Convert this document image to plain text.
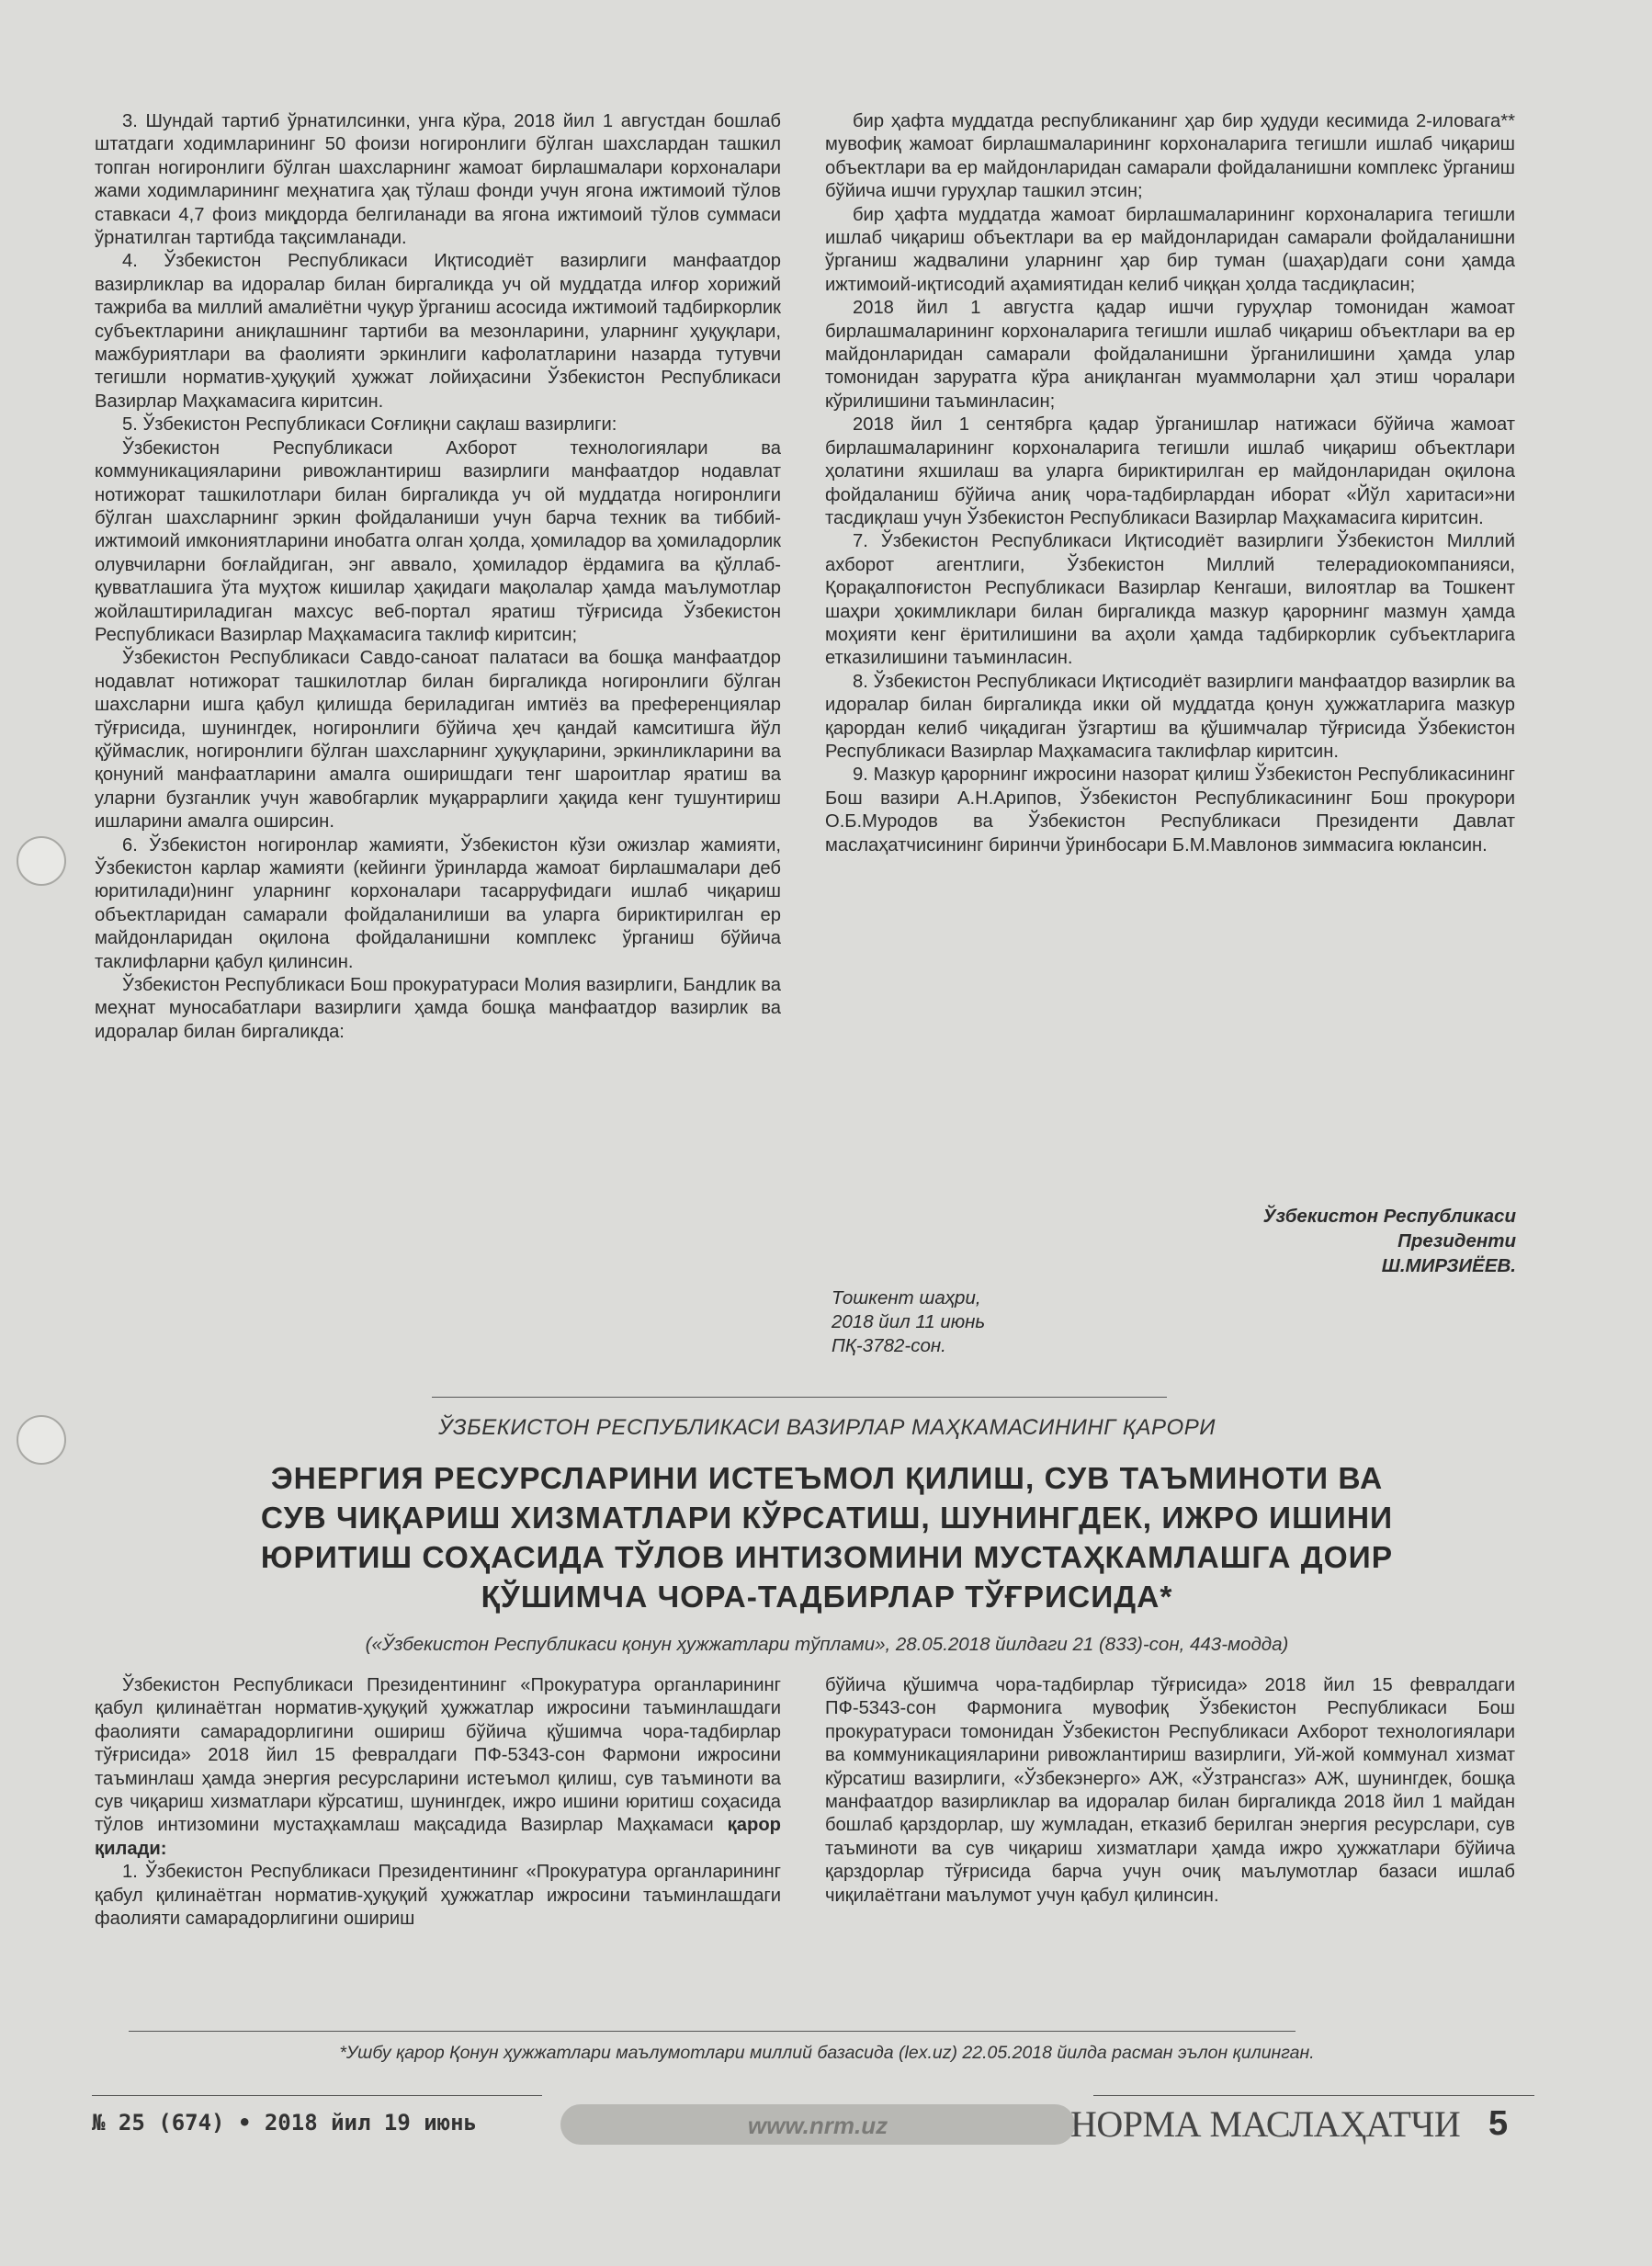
3. Шундай тартиб ўрнатилсинки, унга кўра, 2018 йил 1 августдан бошлаб штатдаги ходимларининг 50 фоизи ногиронлиги бўлган шахслардан ташкил топган ногиронлиги бўлган шахсларнинг жамоат бирлашмалари корхоналари жами ходимларининг меҳнатига ҳақ тўлаш фонди учун ягона ижтимоий тўлов ставкаси 4,7 фоиз миқдорда белгиланади ва ягона ижтимоий тўлов суммаси ўрнатилган тартибда тақсимланади.

4. Ўзбекистон Республикаси Иқтисодиёт вазирлиги манфаатдор вазирликлар ва идоралар билан биргаликда уч ой муддатда илғор хорижий тажриба ва миллий амалиётни чуқур ўрганиш асосида ижтимоий тадбиркорлик субъектларини аниқлашнинг тартиби ва мезонларини, уларнинг ҳуқуқлари, мажбуриятлари ва фаолияти эркинлиги кафолатларини назарда тутувчи тегишли норматив-ҳуқуқий ҳужжат лойиҳасини Ўзбекистон Республикаси Вазирлар Маҳкамасига киритсин.

5. Ўзбекистон Республикаси Соғлиқни сақлаш вазирлиги:

Ўзбекистон Республикаси Ахборот технологиялари ва коммуникацияларини ривожлантириш вазирлиги манфаатдор нодавлат нотижорат ташкилотлари билан биргаликда уч ой муддатда ногиронлиги бўлган шахсларнинг эркин фойдаланиши учун барча техник ва тиббий-ижтимоий имкониятларини инобатга олган ҳолда, ҳомиладор ва ҳомиладорлик олувчиларни боғлайдиган, энг аввало, ҳомиладор ёрдамига ва қўллаб-қувватлашига ўта муҳтож кишилар ҳақидаги мақолалар ҳамда маълумотлар жойлаштириладиган махсус веб-портал яратиш тўғрисида Ўзбекистон Республикаси Вазирлар Маҳкамасига таклиф киритсин;

Ўзбекистон Республикаси Савдо-саноат палатаси ва бошқа манфаатдор нодавлат нотижорат ташкилотлар билан биргаликда ногиронлиги бўлган шахсларни ишга қабул қилишда бериладиган имтиёз ва преференциялар тўғрисида, шунингдек, ногиронлиги бўйича ҳеч қандай камситишга йўл қўймаслик, ногиронлиги бўлган шахсларнинг ҳуқуқларини, эркинликларини ва қонуний манфаатларини амалга оширишдаги тенг шароитлар яратиш ва уларни бузганлик учун жавобгарлик муқаррарлиги ҳақида кенг тушунтириш ишларини амалга оширсин.

6. Ўзбекистон ногиронлар жамияти, Ўзбекистон кўзи ожизлар жамияти, Ўзбекистон карлар жамияти (кейинги ўринларда жамоат бирлашмалари деб юритилади)нинг уларнинг корхоналари тасарруфидаги ишлаб чиқариш объектларидан самарали фойдаланилиши ва уларга бириктирилган ер майдонларидан оқилона фойдаланишни комплекс ўрганиш бўйича таклифларни қабул қилинсин.

Ўзбекистон Республикаси Бош прокуратураси Молия вазирлиги, Бандлик ва меҳнат муносабатлари вазирлиги ҳамда бошқа манфаатдор вазирлик ва идоралар билан биргаликда:

бир ҳафта муддатда республиканинг ҳар бир ҳудуди кесимида 2-иловага** мувофиқ жамоат бирлашмаларининг корхоналарига тегишли ишлаб чиқариш объектлари ва ер майдонларидан самарали фойдаланишни комплекс ўрганиш бўйича ишчи гуруҳлар ташкил этсин;

бир ҳафта муддатда жамоат бирлашмаларининг корхоналарига тегишли ишлаб чиқариш объектлари ва ер майдонларидан самарали фойдаланишни ўрганиш жадвалини уларнинг ҳар бир туман (шаҳар)даги сони ҳамда ижтимоий-иқтисодий аҳамиятидан келиб чиққан ҳолда тасдиқласин;

2018 йил 1 августга қадар ишчи гуруҳлар томонидан жамоат бирлашмаларининг корхоналарига тегишли ишлаб чиқариш объектлари ва ер майдонларидан самарали фойдаланишни ўрганилишини ҳамда улар томонидан заруратга кўра аниқланган муаммоларни ҳал этиш чоралари кўрилишини таъминласин;

2018 йил 1 сентябрга қадар ўрганишлар натижаси бўйича жамоат бирлашмаларининг корхоналарига тегишли ишлаб чиқариш объектлари ҳолатини яхшилаш ва уларга бириктирилган ер майдонларидан оқилона фойдаланиш бўйича аниқ чора-тадбирлардан иборат «Йўл харитаси»ни тасдиқлаш учун Ўзбекистон Республикаси Вазирлар Маҳкамасига киритсин.

7. Ўзбекистон Республикаси Иқтисодиёт вазирлиги Ўзбекистон Миллий ахборот агентлиги, Ўзбекистон Миллий телерадиокомпанияси, Қорақалпоғистон Республикаси Вазирлар Кенгаши, вилоятлар ва Тошкент шаҳри ҳокимликлари билан биргаликда мазкур қарорнинг мазмун ҳамда моҳияти кенг ёритилишини ва аҳоли ҳамда тадбиркорлик субъектларига етказилишини таъминласин.

8. Ўзбекистон Республикаси Иқтисодиёт вазирлиги манфаатдор вазирлик ва идоралар билан биргаликда икки ой муддатда қонун ҳужжатларига мазкур қарордан келиб чиқадиган ўзгартиш ва қўшимчалар тўғрисида Ўзбекистон Республикаси Вазирлар Маҳкамасига таклифлар киритсин.

9. Мазкур қарорнинг ижросини назорат қилиш Ўзбекистон Республикасининг Бош вазири А.Н.Арипов, Ўзбекистон Республикасининг Бош прокурори О.Б.Муродов ва Ўзбекистон Республикаси Президенти Давлат маслаҳатчисининг биринчи ўринбосари Б.М.Мавлонов зиммасига юклансин.

Ўзбекистон Республикаси
Президенти
Ш.МИРЗИЁЕВ.
Тошкент шаҳри,
2018 йил 11 июнь
ПҚ-3782-сон.
ЎЗБЕКИСТОН РЕСПУБЛИКАСИ ВАЗИРЛАР МАҲКАМАСИНИНГ ҚАРОРИ
ЭНЕРГИЯ РЕСУРСЛАРИНИ ИСТЕЪМОЛ ҚИЛИШ, СУВ ТАЪМИНОТИ ВА
СУВ ЧИҚАРИШ ХИЗМАТЛАРИ КЎРСАТИШ, ШУНИНГДЕК, ИЖРО ИШИНИ
ЮРИТИШ СОҲАСИДА ТЎЛОВ ИНТИЗОМИНИ МУСТАҲКАМЛАШГА ДОИР
ҚЎШИМЧА ЧОРА-ТАДБИРЛАР ТЎҒРИСИДА*
(«Ўзбекистон Республикаси қонун ҳужжатлари тўплами», 28.05.2018 йилдаги 21 (833)-сон, 443-модда)

Ўзбекистон Республикаси Президентининг «Прокуратура органларининг қабул қилинаётган норматив-ҳуқуқий ҳужжатлар ижросини таъминлашдаги фаолияти самарадорлигини ошириш бўйича қўшимча чора-тадбирлар тўғрисида» 2018 йил 15 февралдаги ПФ-5343-сон Фармони ижросини таъминлаш ҳамда энергия ресурсларини истеъмол қилиш, сув таъминоти ва сув чиқариш хизматлари кўрсатиш, шунингдек, ижро ишини юритиш соҳасида тўлов интизомини мустаҳкамлаш мақсадида Вазирлар Маҳкамаси қарор қилади:

1. Ўзбекистон Республикаси Президентининг «Прокуратура органларининг қабул қилинаётган норматив-ҳуқуқий ҳужжатлар ижросини таъминлашдаги фаолияти самарадорлигини ошириш

бўйича қўшимча чора-тадбирлар тўғрисида» 2018 йил 15 февралдаги ПФ-5343-сон Фармонига мувофиқ Ўзбекистон Республикаси Бош прокуратураси томонидан Ўзбекистон Республикаси Ахборот технологиялари ва коммуникацияларини ривожлантириш вазирлиги, Уй-жой коммунал хизмат кўрсатиш вазирлиги, «Ўзбекэнерго» АЖ, «Ўзтрансгаз» АЖ, шунингдек, бошқа манфаатдор вазирликлар ва идоралар билан биргаликда 2018 йил 1 майдан бошлаб қарздорлар, шу жумладан, етказиб берилган энергия ресурслари, сув таъминоти ва сув чиқариш хизматлари ҳамда ижро ҳужжатлари бўйича қарздорлар тўғрисида барча учун очиқ маълумотлар базаси ишлаб чиқилаётгани маълумот учун қабул қилинсин.

*Ушбу қарор Қонун ҳужжатлари маълумотлари миллий базасида (lex.uz) 22.05.2018 йилда расман эълон қилинган.
№ 25 (674) • 2018 йил 19 июнь	www.nrm.uz	НОРМА МАСЛАҲАТЧИ 5
